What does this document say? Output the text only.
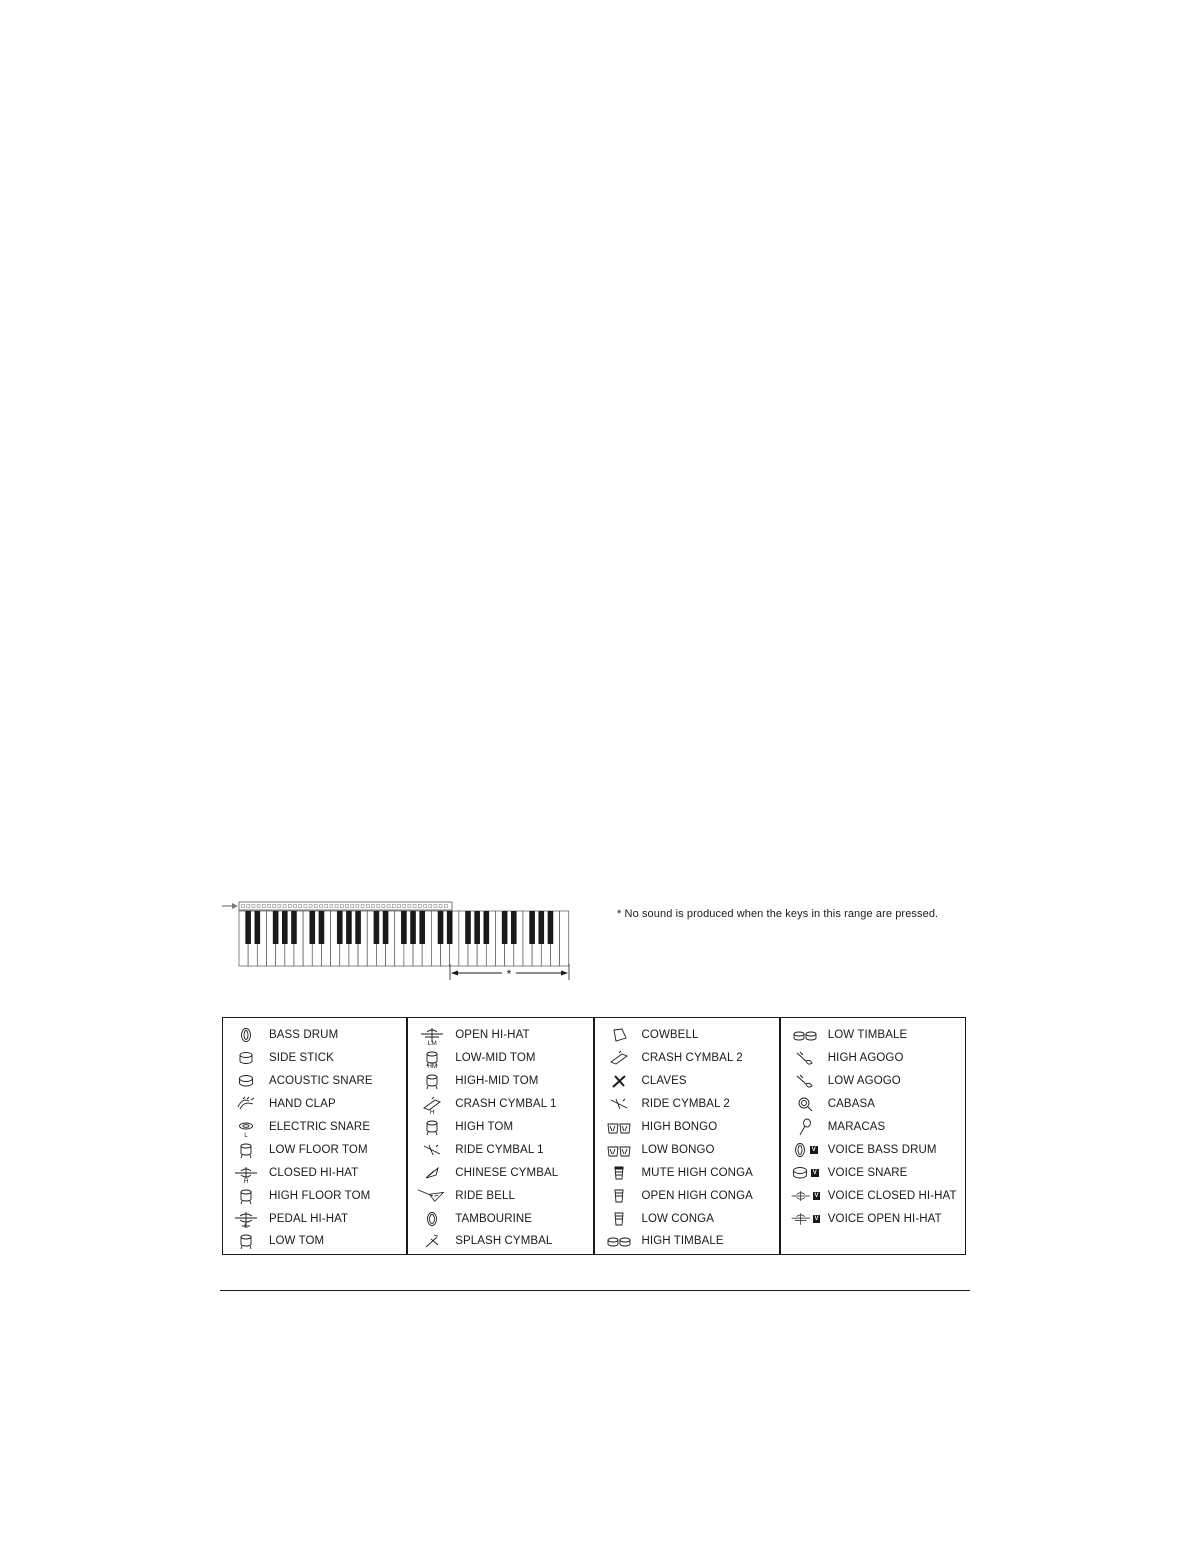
*
* No sound is produced when the keys in this range are pressed.
BASS DRUM
SIDE STICK
ACOUSTIC SNARE
HAND CLAP
ELECTRIC SNARE
L
LOW FLOOR TOM
CLOSED HI-HAT
H
HIGH FLOOR TOM
PEDAL HI-HAT
L
LOW TOM
OPEN HI-HAT
LM
LOW-MID TOM
HM
HIGH-MID TOM
CRASH CYMBAL 1
H
HIGH TOM
RIDE CYMBAL 1
CHINESE CYMBAL
RIDE BELL
TAMBOURINE
SPLASH CYMBAL
COWBELL
CRASH CYMBAL 2
CLAVES
RIDE CYMBAL 2
HIGH BONGO
LOW BONGO
MUTE HIGH CONGA
OPEN HIGH CONGA
LOW CONGA
HIGH TIMBALE
LOW TIMBALE
HIGH AGOGO
LOW AGOGO
CABASA
MARACAS
V VOICE BASS DRUM
V VOICE SNARE
V VOICE CLOSED HI-HAT
V VOICE OPEN HI-HAT
